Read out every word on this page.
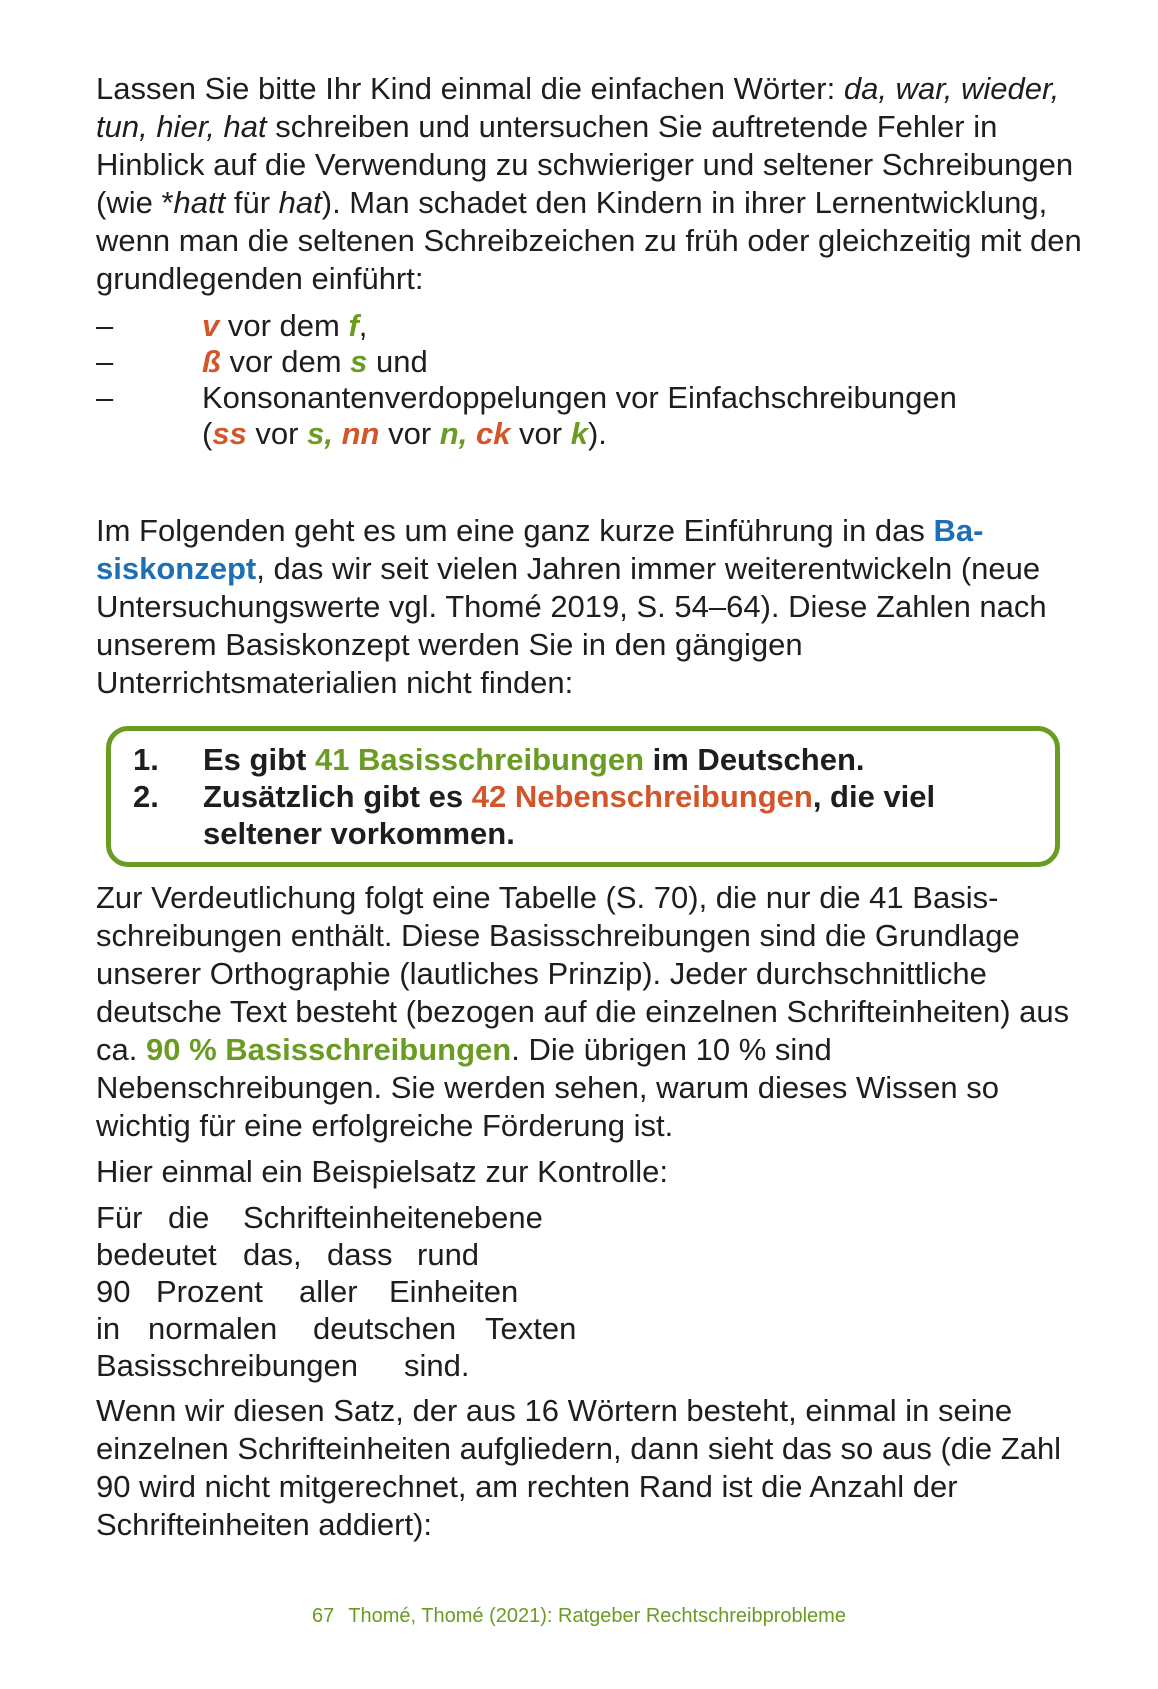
Lassen Sie bitte Ihr Kind einmal die einfachen Wörter: da, war, wieder, tun, hier, hat schreiben und untersuchen Sie auftretende Fehler in Hinblick auf die Verwendung zu schwieriger und seltener Schreibungen (wie *hatt für hat). Man schadet den Kindern in ihrer Lernentwicklung, wenn man die seltenen Schreibzeichen zu früh oder gleichzeitig mit den grundlegenden einführt:

–	v vor dem f,
–	ß vor dem s und
–	Konsonantenverdoppelungen vor Einfachschreibungen
(ss vor s, nn vor n, ck vor k).

Im Folgenden geht es um eine ganz kurze Einführung in das Basiskonzept, das wir seit vielen Jahren immer weiterentwickeln (neue Untersuchungswerte vgl. Thomé 2019, S. 54–64). Diese Zahlen nach unserem Basiskonzept werden Sie in den gängigen Unterrichtsmaterialien nicht finden:

1.	Es gibt 41 Basisschreibungen im Deutschen.
2.	Zusätzlich gibt es 42 Nebenschreibungen, die viel seltener vorkommen.

Zur Verdeutlichung folgt eine Tabelle (S. 70), die nur die 41 Basisschreibungen enthält. Diese Basisschreibungen sind die Grundlage unserer Orthographie (lautliches Prinzip). Jeder durchschnittliche deutsche Text besteht (bezogen auf die einzelnen Schrifteinheiten) aus ca. 90 % Basisschreibungen. Die übrigen 10 % sind Nebenschreibungen. Sie werden sehen, warum dieses Wissen so wichtig für eine erfolgreiche Förderung ist.

Hier einmal ein Beispielsatz zur Kontrolle:

Für die Schrifteinheitenebene
bedeutet das, dass rund
90 Prozent aller Einheiten
in normalen deutschen Texten
Basisschreibungen sind.

Wenn wir diesen Satz, der aus 16 Wörtern besteht, einmal in seine einzelnen Schrifteinheiten aufgliedern, dann sieht das so aus (die Zahl 90 wird nicht mitgerechnet, am rechten Rand ist die Anzahl der Schrifteinheiten addiert):

67 Thomé, Thomé (2021): Ratgeber Rechtschreibprobleme
